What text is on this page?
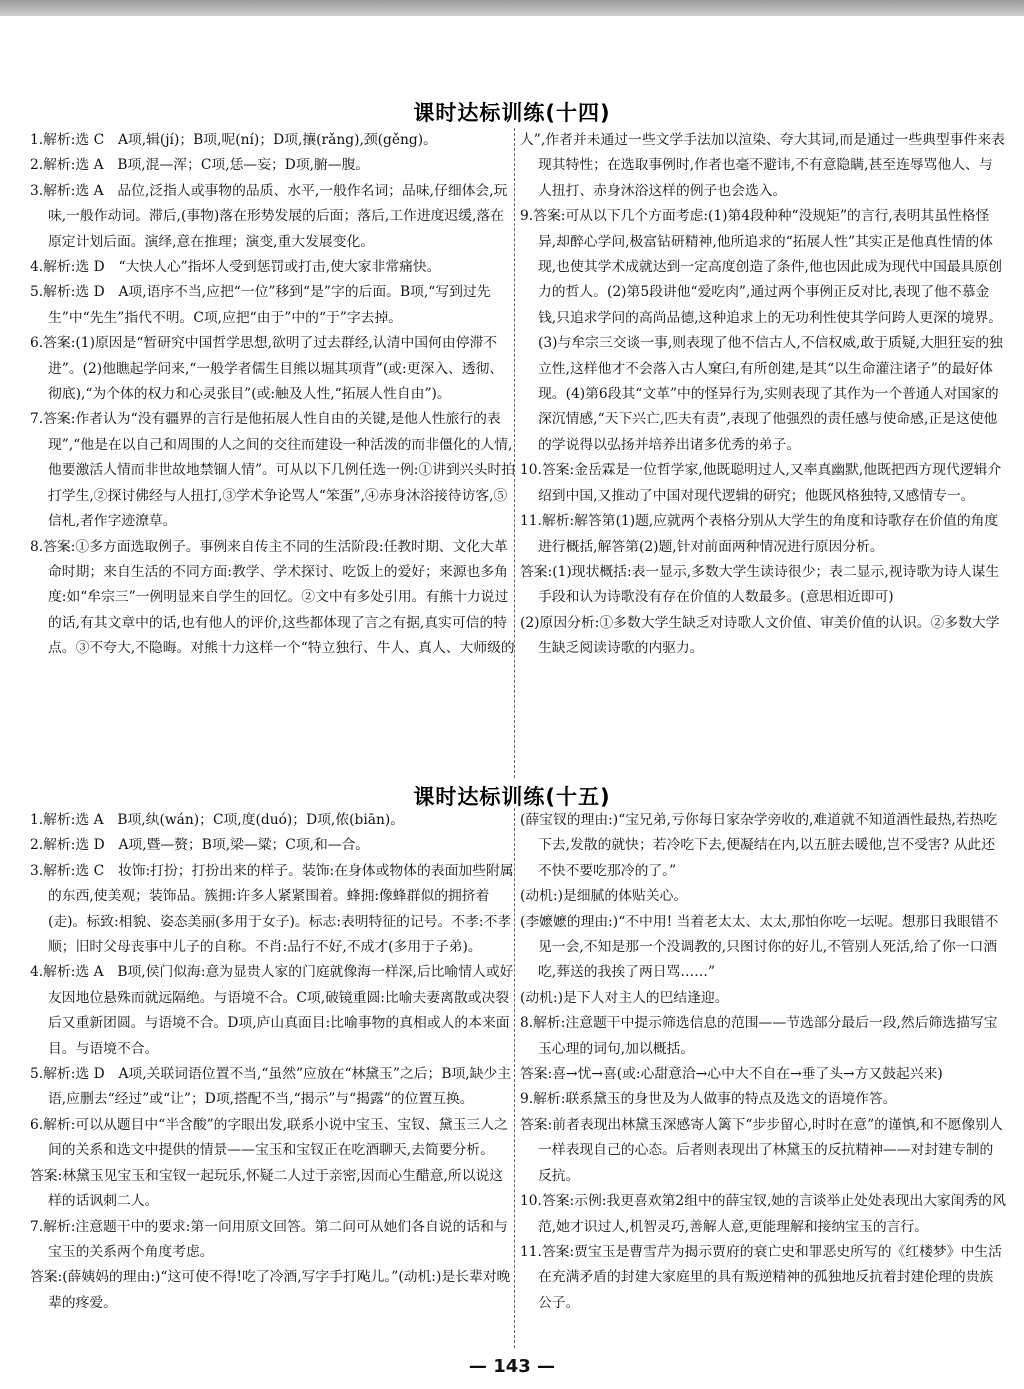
课时达标训练(十四)

1.解析:选 C　A项,辑(jí)；B项,呢(ní)；D项,攘(rǎng),颈(gěng)。

2.解析:选 A　B项,混—浑；C项,恁—妄；D项,腑—腹。

3.解析:选 A　品位,泛指人或事物的品质、水平,一般作名词；品味,仔细体会,玩味,一般作动词。滞后,(事物)落在形势发展的后面；落后,工作进度迟缓,落在原定计划后面。演绎,意在推理；演变,重大发展变化。

4.解析:选 D　“大快人心”指坏人受到惩罚或打击,使大家非常痛快。

5.解析:选 D　A项,语序不当,应把“一位”移到“是”字的后面。B项,“写到过先生”中“先生”指代不明。C项,应把“由于”中的“于”字去掉。

6.答案:(1)原因是“暂研究中国哲学思想,欲明了过去群经,认清中国何由停滞不进”。(2)他瞧起学问来,“一般学者儒生目熊以堀其项背”(或:更深入、透彻、彻底),“为个体的权力和心灵张目”(或:触及人性,“拓展人性自由”)。

7.答案:作者认为“没有疆界的言行是他拓展人性自由的关键,是他人性旅行的表现”,“他是在以自己和周围的人之间的交往而建设一种活泼的而非僵化的人情,他要激活人情而非世故地禁锢人情”。可从以下几例任选一例:①讲到兴头时拍打学生,②探讨佛经与人扭打,③学术争论骂人“笨蛋”,④赤身沐浴接待访客,⑤信札,者作字迹潦草。

8.答案:①多方面选取例子。事例来自传主不同的生活阶段:任教时期、文化大革命时期；来自生活的不同方面:教学、学术探讨、吃饭上的爱好；来源也多角度:如“牟宗三”一例明显来自学生的回忆。②文中有多处引用。有熊十力说过的话,有其文章中的话,也有他人的评价,这些都体现了言之有据,真实可信的特点。③不夸大,不隐晦。对熊十力这样一个“特立独行、牛人、真人、大师级的

人”,作者并未通过一些文学手法加以渲染、夸大其词,而是通过一些典型事件来表现其特性；在选取事例时,作者也毫不避讳,不有意隐瞒,甚至连辱骂他人、与人扭打、赤身沐浴这样的例子也会选入。

9.答案:可从以下几个方面考虑:(1)第4段种种“没规矩”的言行,表明其虽性格怪异,却醉心学问,极富钻研精神,他所追求的“拓展人性”其实正是他真性情的体现,也使其学术成就达到一定高度创造了条件,他也因此成为现代中国最具原创力的哲人。(2)第5段讲他“爱吃肉”,通过两个事例正反对比,表现了他不慕金钱,只追求学问的高尚品德,这种追求上的无功利性使其学问跨人更深的境界。(3)与牟宗三交谈一事,则表现了他不信古人,不信权威,敢于质疑,大胆狂妄的独立性,这样他才不会落入古人窠臼,有所创建,是其“以生命灌注诸子”的最好体现。(4)第6段其“文革”中的怪异行为,实则表现了其作为一个普通人对国家的深沉情感,“天下兴亡,匹夫有责”,表现了他强烈的责任感与使命感,正是这使他的学说得以弘扬并培养出诸多优秀的弟子。

10.答案:金岳霖是一位哲学家,他既聪明过人,又率真幽默,他既把西方现代逻辑介绍到中国,又推动了中国对现代逻辑的研究；他既风格独特,又感情专一。

11.解析:解答第(1)题,应就两个表格分别从大学生的角度和诗歌存在价值的角度进行概括,解答第(2)题,针对前面两种情况进行原因分析。

答案:(1)现状概括:表一显示,多数大学生读诗很少；表二显示,视诗歌为诗人谋生手段和认为诗歌没有存在价值的人数最多。(意思相近即可)

(2)原因分析:①多数大学生缺乏对诗歌人文价值、审美价值的认识。②多数大学生缺乏阅读诗歌的内驱力。

课时达标训练(十五)

1.解析:选 A　B项,纨(wán)；C项,度(duó)；D项,侬(biān)。

2.解析:选 D　A项,暨—赘；B项,梁—粱；C项,和—合。

3.解析:选 C　妆饰:打扮；打扮出来的样子。装饰:在身体或物体的表面加些附属的东西,使美观；装饰品。簇拥:许多人紧紧围着。蜂拥:像蜂群似的拥挤着(走)。标致:相貌、姿态美丽(多用于女子)。标志:表明特征的记号。不孝:不孝顺；旧时父母丧事中儿子的自称。不肖:品行不好,不成才(多用于子弟)。

4.解析:选 A　B项,侯门似海:意为显贵人家的门庭就像海一样深,后比喻情人或好友因地位悬殊而就远隔绝。与语境不合。C项,破镜重圆:比喻夫妻离散或决裂后又重新团圆。与语境不合。D项,庐山真面目:比喻事物的真相或人的本来面目。与语境不合。

5.解析:选 D　A项,关联词语位置不当,“虽然”应放在“林黛玉”之后；B项,缺少主语,应删去“经过”或“让”；D项,搭配不当,“揭示”与“揭露”的位置互换。

6.解析:可以从题目中“半含酸”的字眼出发,联系小说中宝玉、宝钗、黛玉三人之间的关系和选文中提供的情景——宝玉和宝钗正在吃酒聊天,去简要分析。

答案:林黛玉见宝玉和宝钗一起玩乐,怀疑二人过于亲密,因而心生醋意,所以说这样的话讽刺二人。

7.解析:注意题干中的要求:第一问用原文回答。第二问可从她们各自说的话和与宝玉的关系两个角度考虑。

答案:(薛姨妈的理由:)“这可使不得!吃了冷酒,写字手打飐儿。”(动机:)是长辈对晚辈的疼爱。

(薛宝钗的理由:)“宝兄弟,亏你每日家杂学旁收的,难道就不知道酒性最热,若热吃下去,发散的就快；若冷吃下去,便凝结在内,以五脏去暖他,岂不受害? 从此还不快不要吃那冷的了。”

(动机:)是细腻的体贴关心。

(李嬷嬷的理由:)“不中用! 当着老太太、太太,那怕你吃一坛呢。想那日我眼错不见一会,不知是那一个没调教的,只图讨你的好儿,不管别人死活,给了你一口酒吃,葬送的我挨了两日骂……”

(动机:)是下人对主人的巴结逢迎。

8.解析:注意题干中提示筛选信息的范围——节选部分最后一段,然后筛选描写宝玉心理的词句,加以概括。

答案:喜→忧→喜(或:心甜意洽→心中大不自在→垂了头→方又鼓起兴来)

9.解析:联系黛玉的身世及为人做事的特点及选文的语境作答。

答案:前者表现出林黛玉深感寄人篱下“步步留心,时时在意”的谨慎,和不愿像别人一样表现自己的心态。后者则表现出了林黛玉的反抗精神——对封建专制的反抗。

10.答案:示例:我更喜欢第2组中的薛宝钗,她的言谈举止处处表现出大家闺秀的风范,她才识过人,机智灵巧,善解人意,更能理解和接纳宝玉的言行。

11.答案:贾宝玉是曹雪芹为揭示贾府的衰亡史和罪恶史所写的《红楼梦》中生活在充满矛盾的封建大家庭里的具有叛逆精神的孤独地反抗着封建伦理的贵族公子。

— 143 —
